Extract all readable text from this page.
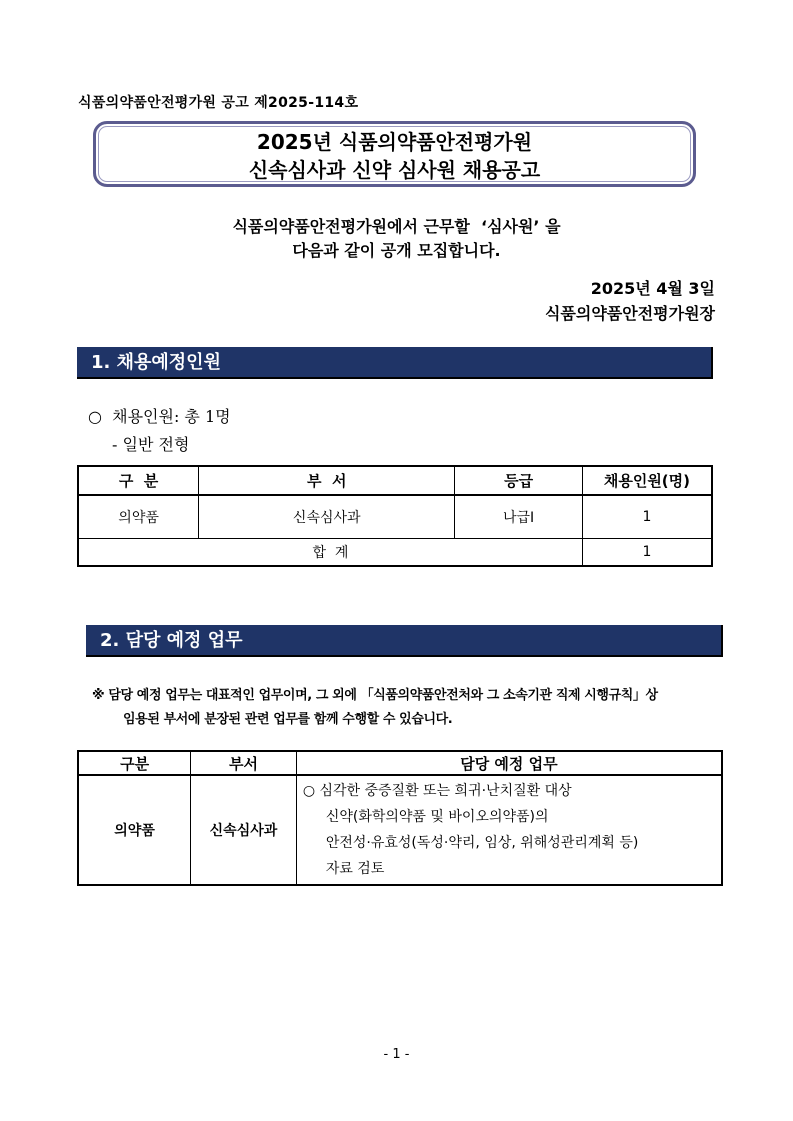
식품의약품안전평가원 공고 제2025-114호
2025년 식품의약품안전평가원
신속심사과 신약 심사원 채용공고
식품의약품안전평가원에서 근무할  ‘심사원’ 을
다음과 같이 공개 모집합니다.
2025년 4월 3일
식품의약품안전평가원장
1. 채용예정인원
○  채용인원: 총 1명
- 일반 전형
구  분	부  서	등급	채용인원(명)
의약품	신속심사과	나급Ⅰ	1
합  계			1
2. 담당 예정 업무
※ 담당 예정 업무는 대표적인 업무이며, 그 외에 「식품의약품안전처와 그 소속기관 직제 시행규칙」상
임용된 부서에 분장된 관련 업무를 함께 수행할 수 있습니다.
구분	부서	담당 예정 업무
의약품	신속심사과	○ 심각한 중증질환 또는 희귀·난치질환 대상
신약(화학의약품 및 바이오의약품)의
안전성·유효성(독성·약리, 임상, 위해성관리계획 등)
자료 검토
- 1 -
